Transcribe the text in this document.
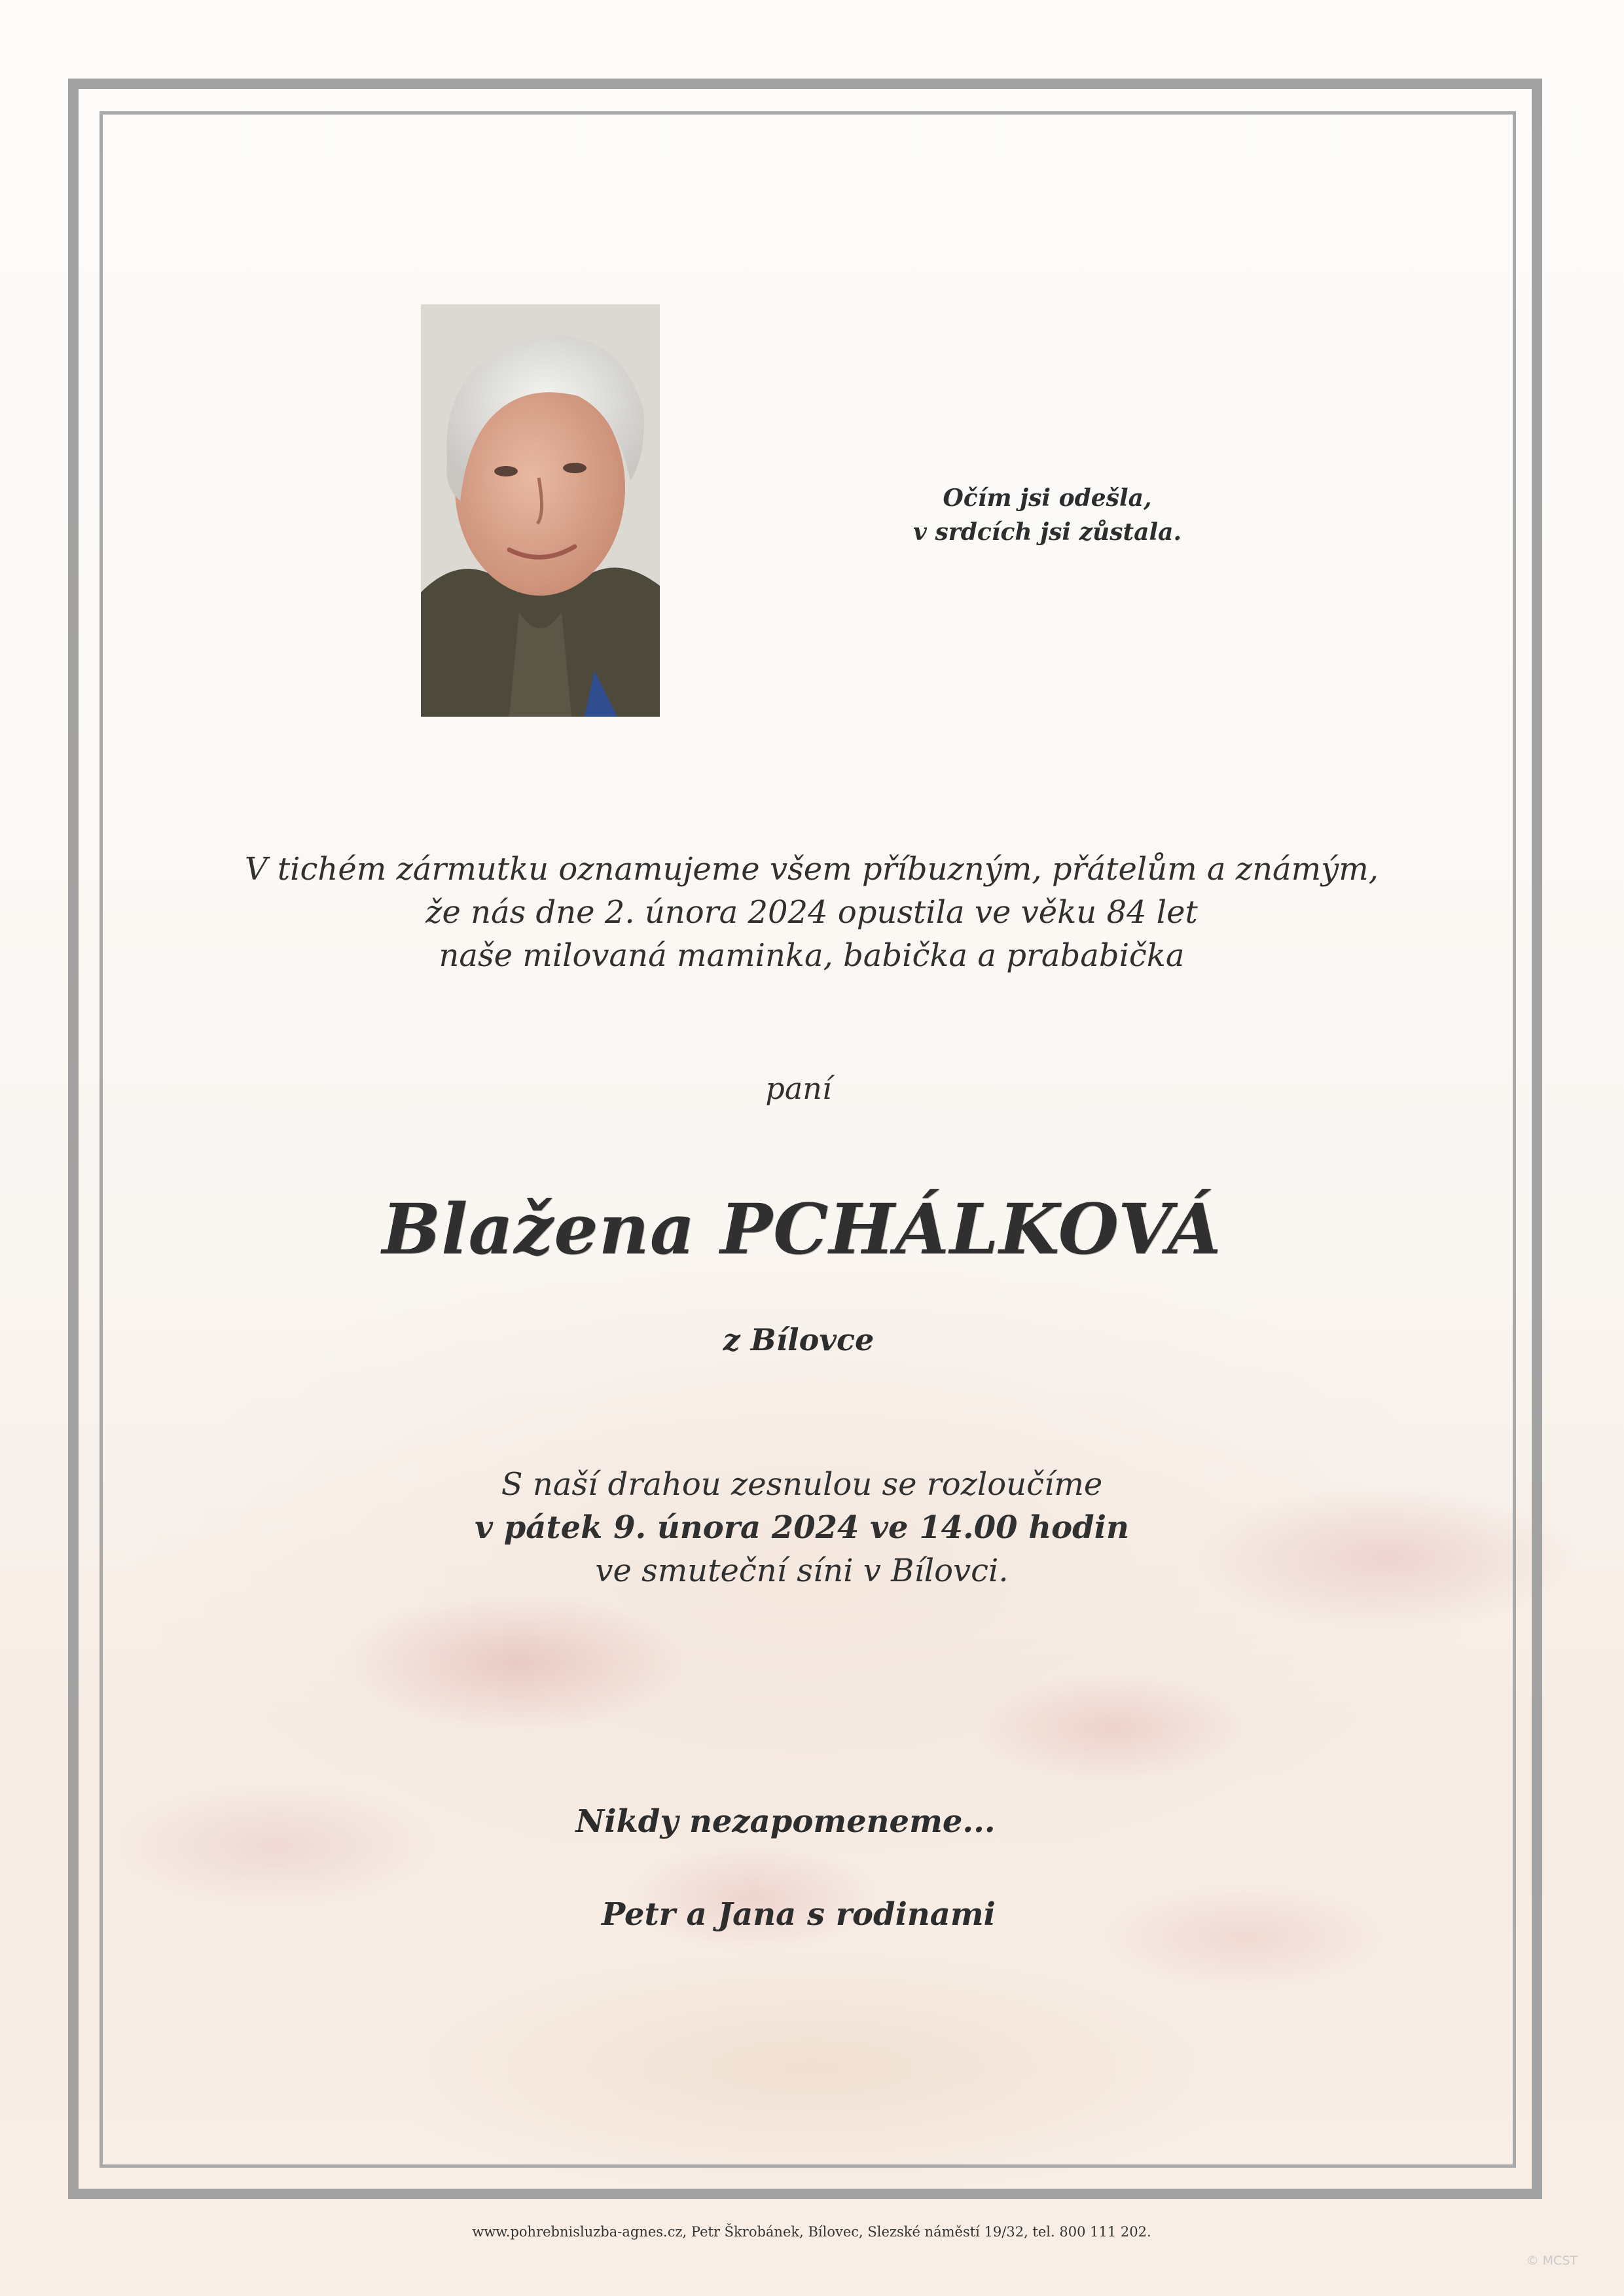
Očím jsi odešla,
v srdcích jsi zůstala.
V tichém zármutku oznamujeme všem příbuzným, přátelům a známým,
že nás dne 2. února 2024 opustila ve věku 84 let
naše milovaná maminka, babička a prababička
paní
Blažena PCHÁLKOVÁ
z Bílovce
S naší drahou zesnulou se rozloučíme
v pátek 9. února 2024 ve 14.00 hodin
ve smuteční síni v Bílovci.
Nikdy nezapomeneme...
Petr a Jana s rodinami
www.pohrebnisluzba-agnes.cz, Petr Škrobánek, Bílovec, Slezské náměstí 19/32, tel. 800 111 202.
© MCST
